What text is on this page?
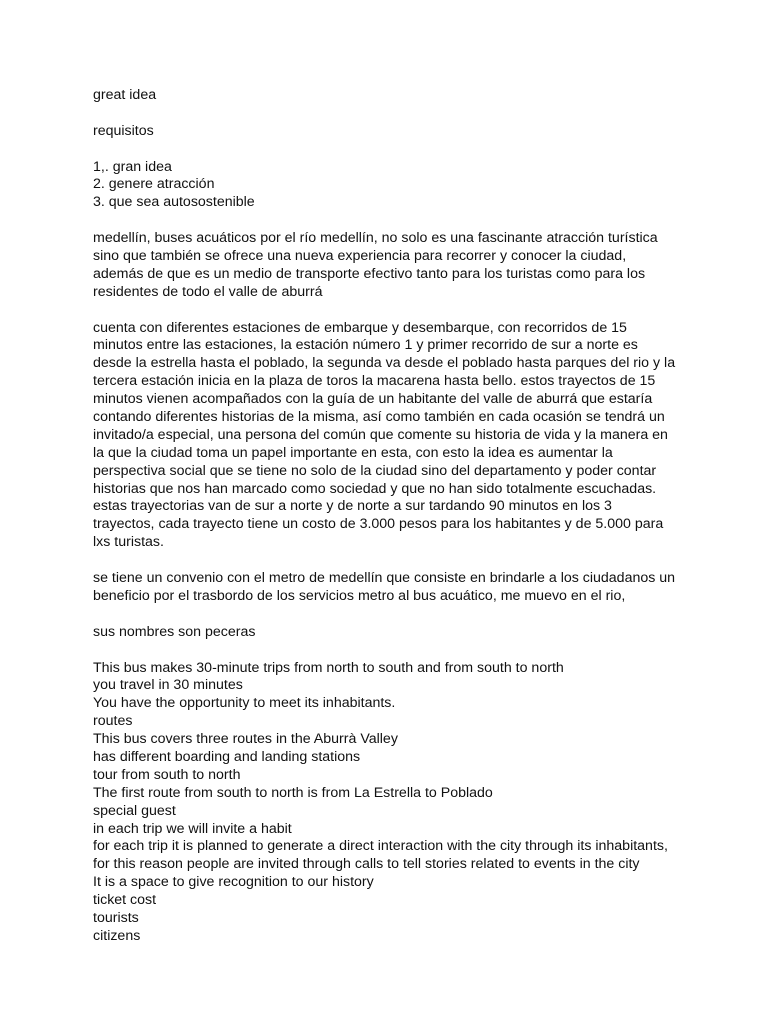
great idea
requisitos
1,. gran idea
2. genere atracción
3. que sea autosostenible
medellín, buses acuáticos por el río medellín, no solo es una fascinante atracción turística
sino que también se ofrece una nueva experiencia para recorrer y conocer la ciudad,
además de que es un medio de transporte efectivo tanto para los turistas como para los
residentes de todo el valle de aburrá
cuenta con diferentes estaciones de embarque y desembarque, con recorridos de 15
minutos entre las estaciones, la estación número 1 y primer recorrido de sur a norte es
desde la estrella hasta el poblado, la segunda va desde el poblado hasta parques del rio y la
tercera estación inicia en la plaza de toros la macarena hasta bello. estos trayectos de 15
minutos vienen acompañados con la guía de un habitante del valle de aburrá que estaría
contando diferentes historias de la misma, así como también en cada ocasión se tendrá un
invitado/a especial, una persona del común que comente su historia de vida y la manera en
la que la ciudad toma un papel importante en esta, con esto la idea es aumentar la
perspectiva social que se tiene no solo de la ciudad sino del departamento y poder contar
historias que nos han marcado como sociedad y que no han sido totalmente escuchadas.
estas trayectorias van de sur a norte y de norte a sur tardando 90 minutos en los 3
trayectos, cada trayecto tiene un costo de 3.000 pesos para los habitantes y de 5.000 para
lxs turistas.
se tiene un convenio con el metro de medellín que consiste en brindarle a los ciudadanos un
beneficio por el trasbordo de los servicios metro al bus acuático, me muevo en el rio,
sus nombres son peceras
This bus makes 30-minute trips from north to south and from south to north
you travel in 30 minutes
You have the opportunity to meet its inhabitants.
routes
This bus covers three routes in the Aburrà Valley
has different boarding and landing stations
tour from south to north
The first route from south to north is from La Estrella to Poblado
special guest
in each trip we will invite a habit
for each trip it is planned to generate a direct interaction with the city through its inhabitants,
for this reason people are invited through calls to tell stories related to events in the city
It is a space to give recognition to our history
ticket cost
tourists
citizens
